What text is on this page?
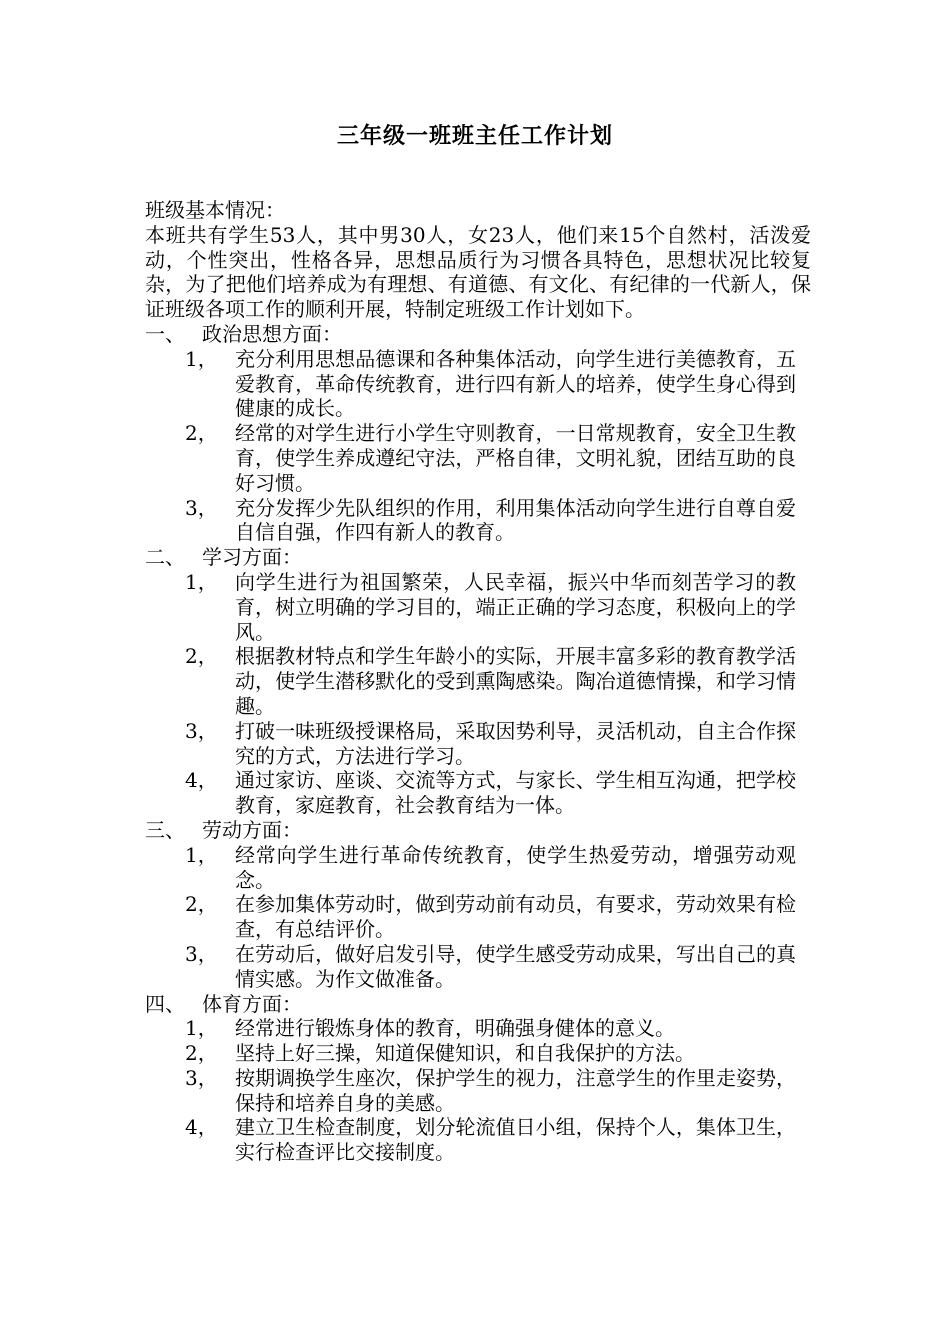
三年级一班班主任工作计划

班级基本情况：

本班共有学生53人，其中男30人，女23人，他们来15个自然村，活泼爱动，个性突出，性格各异，思想品质行为习惯各具特色，思想状况比较复杂，为了把他们培养成为有理想、有道德、有文化、有纪律的一代新人，保证班级各项工作的顺利开展，特制定班级工作计划如下。

一、 政治思想方面：

1， 充分利用思想品德课和各种集体活动，向学生进行美德教育，五爱教育，革命传统教育，进行四有新人的培养，使学生身心得到健康的成长。
2， 经常的对学生进行小学生守则教育，一日常规教育，安全卫生教育，使学生养成遵纪守法，严格自律，文明礼貌，团结互助的良好习惯。
3， 充分发挥少先队组织的作用，利用集体活动向学生进行自尊自爱自信自强，作四有新人的教育。

二、 学习方面：

1， 向学生进行为祖国繁荣，人民幸福，振兴中华而刻苦学习的教育，树立明确的学习目的，端正正确的学习态度，积极向上的学风。
2， 根据教材特点和学生年龄小的实际，开展丰富多彩的教育教学活动，使学生潜移默化的受到熏陶感染。陶冶道德情操，和学习情趣。
3， 打破一味班级授课格局，采取因势利导，灵活机动，自主合作探究的方式，方法进行学习。
4， 通过家访、座谈、交流等方式，与家长、学生相互沟通，把学校教育，家庭教育，社会教育结为一体。

三、 劳动方面：

1， 经常向学生进行革命传统教育，使学生热爱劳动，增强劳动观念。
2， 在参加集体劳动时，做到劳动前有动员，有要求，劳动效果有检查，有总结评价。
3， 在劳动后，做好启发引导，使学生感受劳动成果，写出自己的真情实感。为作文做准备。

四、 体育方面：

1， 经常进行锻炼身体的教育，明确强身健体的意义。
2， 坚持上好三操，知道保健知识，和自我保护的方法。
3， 按期调换学生座次，保护学生的视力，注意学生的作里走姿势，保持和培养自身的美感。
4， 建立卫生检查制度，划分轮流值日小组，保持个人，集体卫生，实行检查评比交接制度。
